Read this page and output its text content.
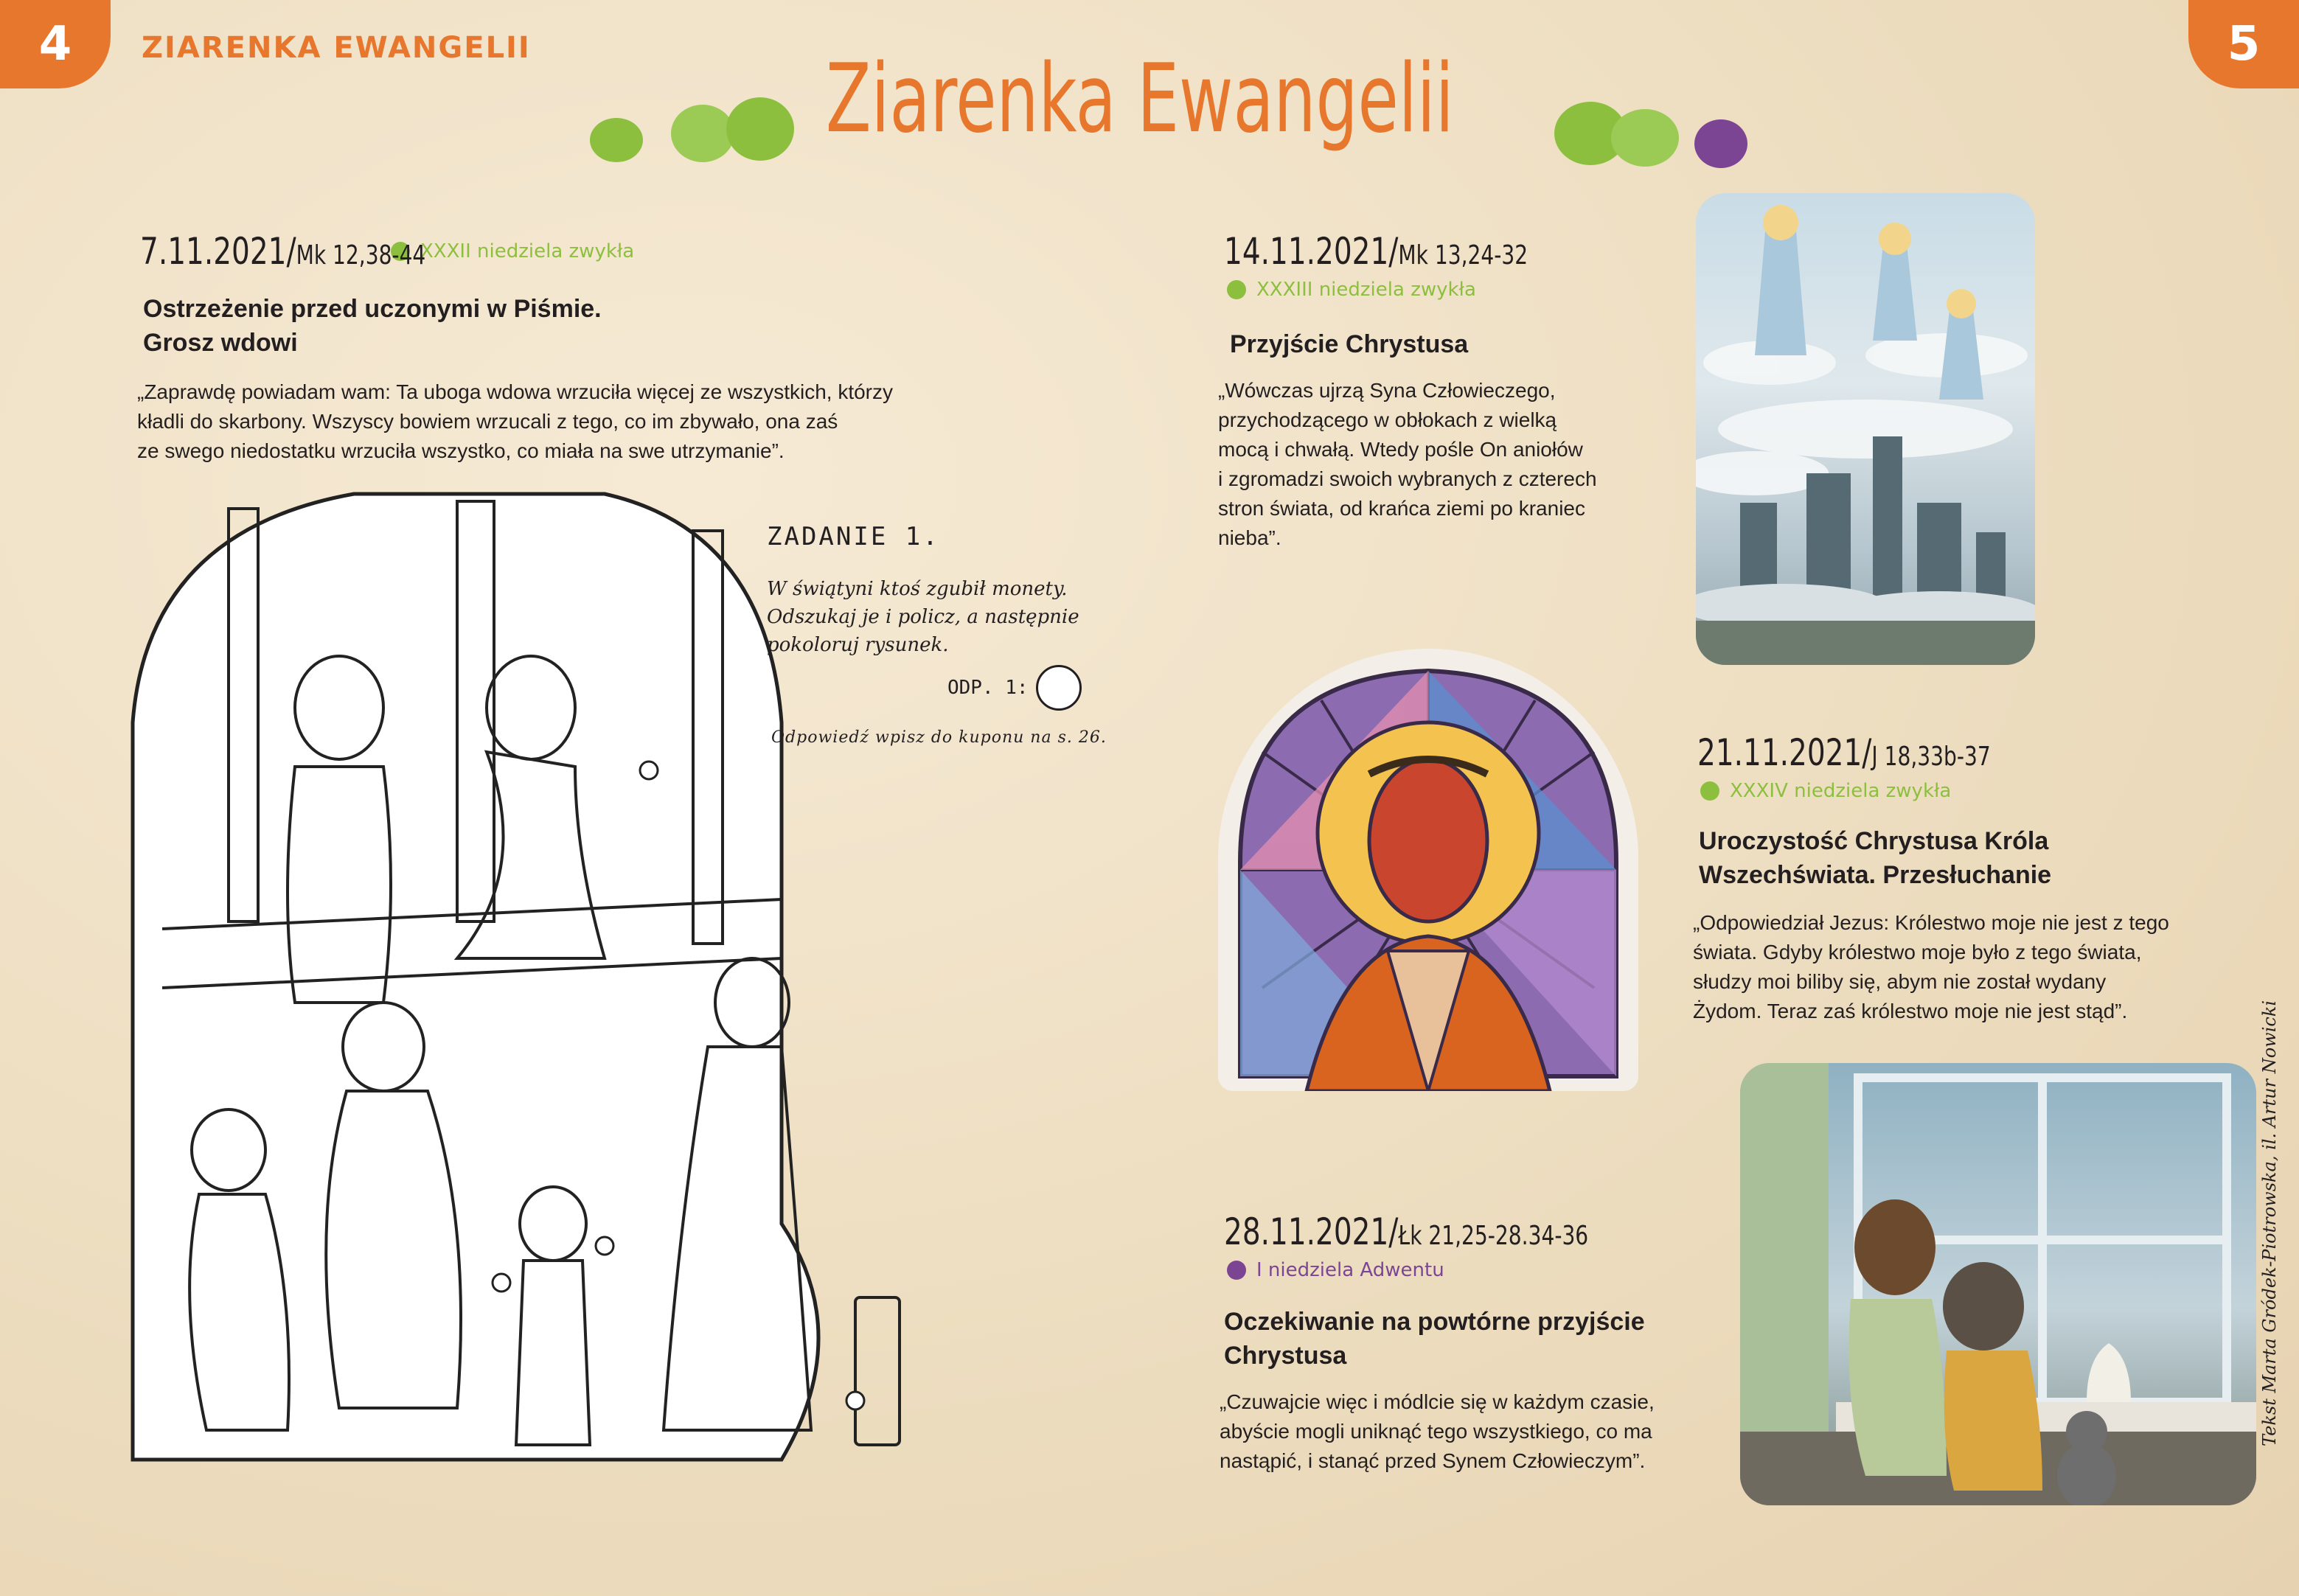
4	5
ZIARENKA EWANGELII	Ziarenka Ewangelii
7.11.2021/Mk 12,38-44
XXXII niedziela zwykła
Ostrzeżenie przed uczonymi w Piśmie.
Grosz wdowi
„Zaprawdę powiadam wam: Ta uboga wdowa wrzuciła więcej ze wszystkich, którzy
kładli do skarbony. Wszyscy bowiem wrzucali z tego, co im zbywało, ona zaś
ze swego niedostatku wrzuciła wszystko, co miała na swe utrzymanie”.
ZADANIE 1.
W świątyni ktoś zgubił monety.
Odszukaj je i policz, a następnie
pokoloruj rysunek.
ODP. 1:
Odpowiedź wpisz do kuponu na s. 26.
14.11.2021/Mk 13,24-32
XXXIII niedziela zwykła
Przyjście Chrystusa
„Wówczas ujrzą Syna Człowieczego,
przychodzącego w obłokach z wielką
mocą i chwałą. Wtedy pośle On aniołów
i zgromadzi swoich wybranych z czterech
stron świata, od krańca ziemi po kraniec
nieba”.
21.11.2021/J 18,33b-37
XXXIV niedziela zwykła
Uroczystość Chrystusa Króla
Wszechświata. Przesłuchanie
„Odpowiedział Jezus: Królestwo moje nie jest z tego
świata. Gdyby królestwo moje było z tego świata,
słudzy moi biliby się, abym nie został wydany
Żydom. Teraz zaś królestwo moje nie jest stąd”.
28.11.2021/Łk 21,25-28.34-36
I niedziela Adwentu
Oczekiwanie na powtórne przyjście
Chrystusa
„Czuwajcie więc i módlcie się w każdym czasie,
abyście mogli uniknąć tego wszystkiego, co ma
nastąpić, i stanąć przed Synem Człowieczym”.
Tekst Marta Gródek-Piotrowska, il. Artur Nowicki
